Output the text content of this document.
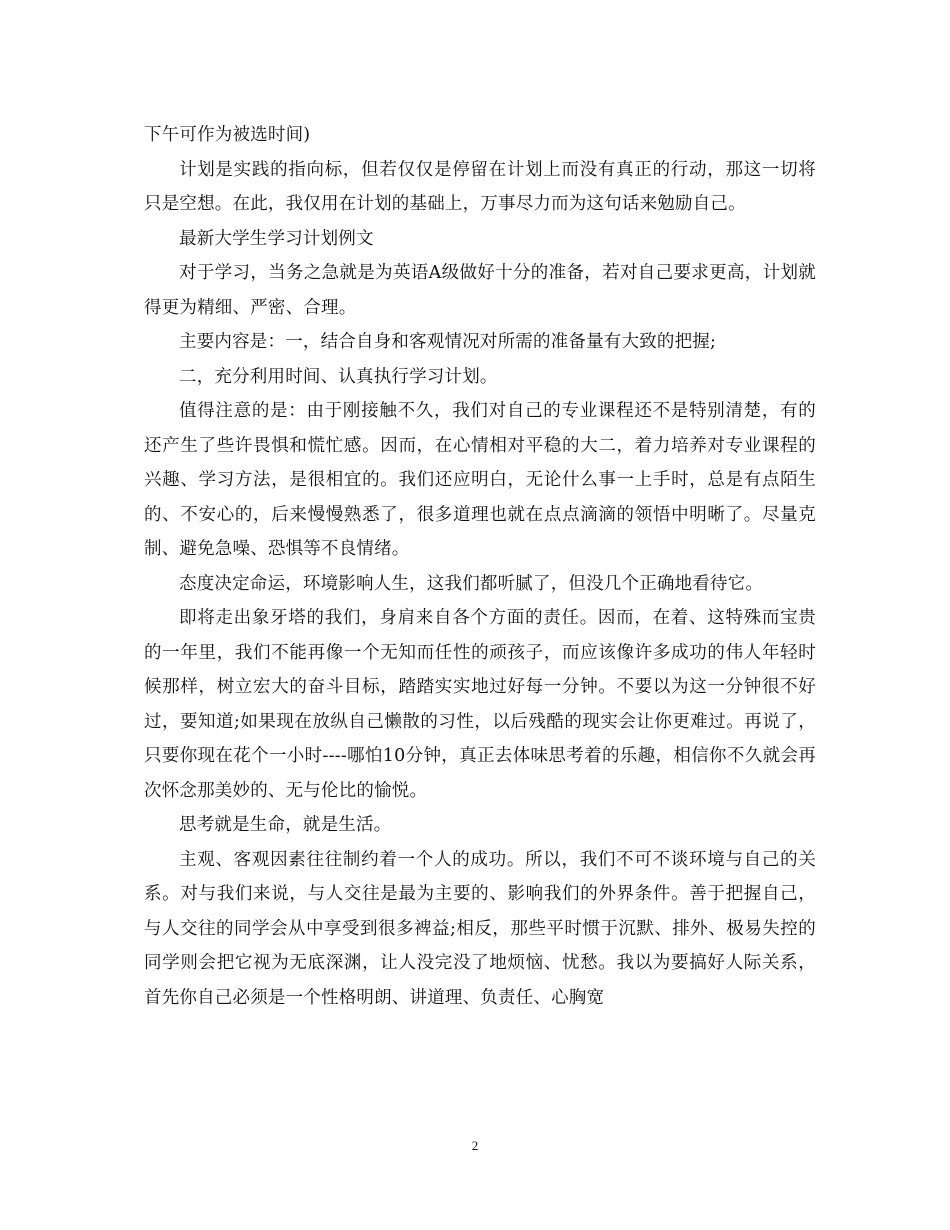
下午可作为被选时间)

计划是实践的指向标，但若仅仅是停留在计划上而没有真正的行动，那这一切将只是空想。在此，我仅用在计划的基础上，万事尽力而为这句话来勉励自己。

最新大学生学习计划例文

对于学习，当务之急就是为英语A级做好十分的准备，若对自己要求更高，计划就得更为精细、严密、合理。

主要内容是：一，结合自身和客观情况对所需的准备量有大致的把握;

二，充分利用时间、认真执行学习计划。

值得注意的是：由于刚接触不久，我们对自己的专业课程还不是特别清楚，有的还产生了些许畏惧和慌忙感。因而，在心情相对平稳的大二，着力培养对专业课程的兴趣、学习方法，是很相宜的。我们还应明白，无论什么事一上手时，总是有点陌生的、不安心的，后来慢慢熟悉了，很多道理也就在点点滴滴的领悟中明晰了。尽量克制、避免急噪、恐惧等不良情绪。

态度决定命运，环境影响人生，这我们都听腻了，但没几个正确地看待它。

即将走出象牙塔的我们，身肩来自各个方面的责任。因而，在着、这特殊而宝贵的一年里，我们不能再像一个无知而任性的顽孩子，而应该像许多成功的伟人年轻时候那样，树立宏大的奋斗目标，踏踏实实地过好每一分钟。不要以为这一分钟很不好过，要知道;如果现在放纵自己懒散的习性，以后残酷的现实会让你更难过。再说了，只要你现在花个一小时----哪怕10分钟，真正去体味思考着的乐趣，相信你不久就会再次怀念那美妙的、无与伦比的愉悦。

思考就是生命，就是生活。

主观、客观因素往往制约着一个人的成功。所以，我们不可不谈环境与自己的关系。对与我们来说，与人交往是最为主要的、影响我们的外界条件。善于把握自己，与人交往的同学会从中享受到很多裨益;相反，那些平时惯于沉默、排外、极易失控的同学则会把它视为无底深渊，让人没完没了地烦恼、忧愁。我以为要搞好人际关系，首先你自己必须是一个性格明朗、讲道理、负责任、心胸宽

2
